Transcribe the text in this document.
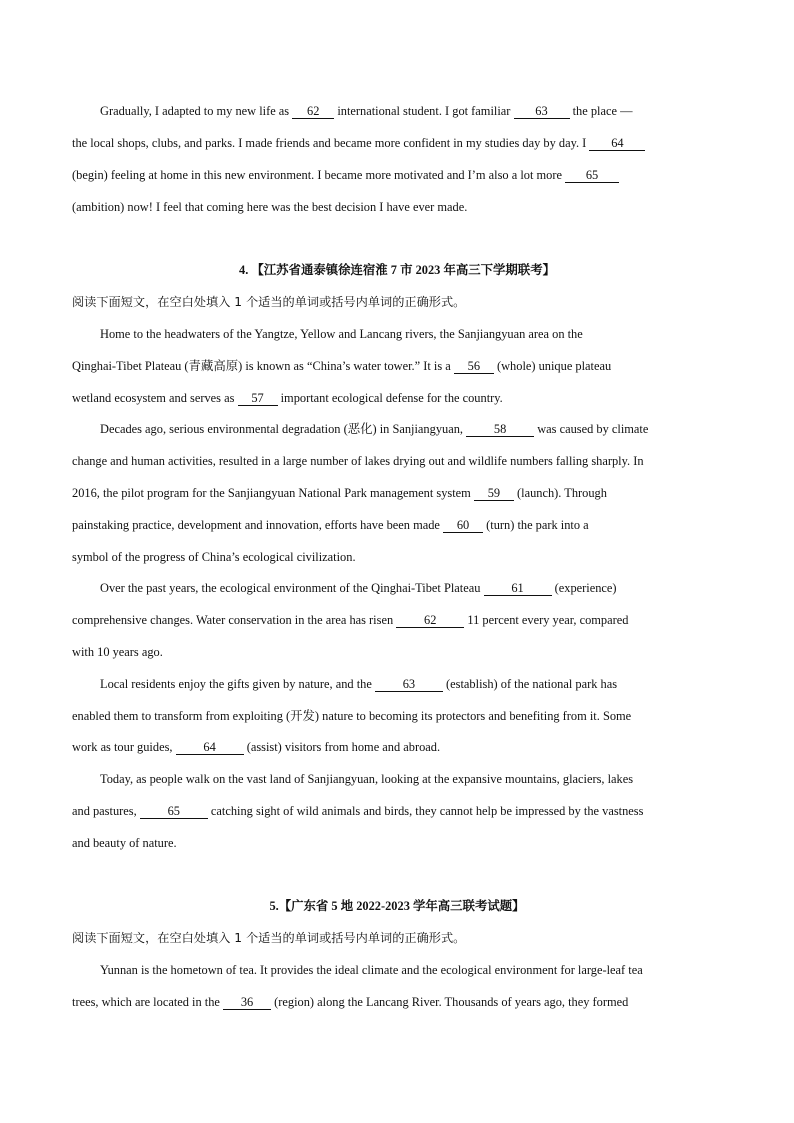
Gradually, I adapted to my new life as 62 international student. I got familiar 63 the place —
the local shops, clubs, and parks. I made friends and became more confident in my studies day by day. I 64
(begin) feeling at home in this new environment. I became more motivated and I’m also a lot more 65
(ambition) now! I feel that coming here was the best decision I have ever made.
4. 【江苏省通泰镇徐连宿淮 7 市 2023 年高三下学期联考】
阅读下面短文，在空白处填入 1 个适当的单词或括号内单词的正确形式。
Home to the headwaters of the Yangtze, Yellow and Lancang rivers, the Sanjiangyuan area on the
Qinghai-Tibet Plateau (青藏高原) is known as “China’s water tower.” It is a 56 (whole) unique plateau
wetland ecosystem and serves as 57 important ecological defense for the country.
Decades ago, serious environmental degradation (恶化) in Sanjiangyuan, 58 was caused by climate
change and human activities, resulted in a large number of lakes drying out and wildlife numbers falling sharply. In
2016, the pilot program for the Sanjiangyuan National Park management system 59 (launch). Through
painstaking practice, development and innovation, efforts have been made 60 (turn) the park into a
symbol of the progress of China’s ecological civilization.
Over the past years, the ecological environment of the Qinghai-Tibet Plateau 61 (experience)
comprehensive changes. Water conservation in the area has risen 62 11 percent every year, compared
with 10 years ago.
Local residents enjoy the gifts given by nature, and the 63 (establish) of the national park has
enabled them to transform from exploiting (开发) nature to becoming its protectors and benefiting from it. Some
work as tour guides, 64 (assist) visitors from home and abroad.
Today, as people walk on the vast land of Sanjiangyuan, looking at the expansive mountains, glaciers, lakes
and pastures, 65 catching sight of wild animals and birds, they cannot help be impressed by the vastness
and beauty of nature.
5.【广东省 5 地 2022-2023 学年高三联考试题】
阅读下面短文，在空白处填入 1 个适当的单词或括号内单词的正确形式。
Yunnan is the hometown of tea. It provides the ideal climate and the ecological environment for large-leaf tea
trees, which are located in the 36 (region) along the Lancang River. Thousands of years ago, they formed
